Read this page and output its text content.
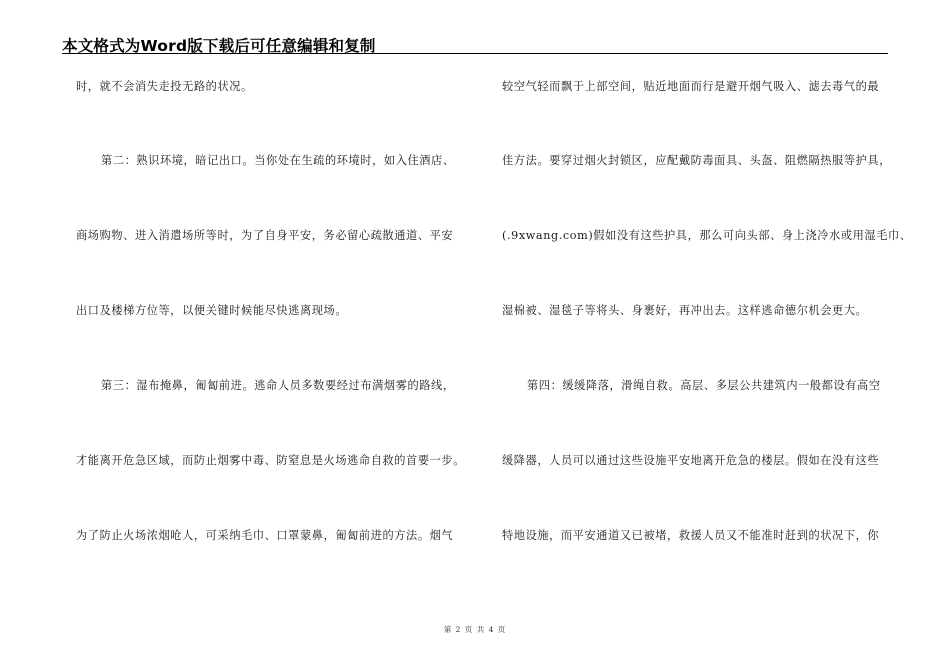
本文格式为Word版下载后可任意编辑和复制
时，就不会消失走投无路的状况。
第二：熟识环境，暗记出口。当你处在生疏的环境时，如入住酒店、
商场购物、进入消遣场所等时，为了自身平安，务必留心疏散通道、平安
出口及楼梯方位等，以便关键时候能尽快逃离现场。
第三：湿布掩鼻，匍匐前进。逃命人员多数要经过布满烟雾的路线，
才能离开危急区域，而防止烟雾中毒、防窒息是火场逃命自救的首要一步。
为了防止火场浓烟呛人，可采纳毛巾、口罩蒙鼻，匍匐前进的方法。烟气
较空气轻而飘于上部空间，贴近地面而行是避开烟气吸入、滤去毒气的最
佳方法。要穿过烟火封锁区，应配戴防毒面具、头盔、阻燃隔热服等护具，
(.9xwang.com)假如没有这些护具，那么可向头部、身上浇冷水或用湿毛巾、
湿棉被、湿毯子等将头、身裹好，再冲出去。这样逃命德尔机会更大。
第四：缓缓降落，滑绳自救。高层、多层公共建筑内一般都设有高空
缓降器，人员可以通过这些设施平安地离开危急的楼层。假如在没有这些
特地设施，而平安通道又已被堵，救援人员又不能准时赶到的状况下，你
第 2 页 共 4 页
